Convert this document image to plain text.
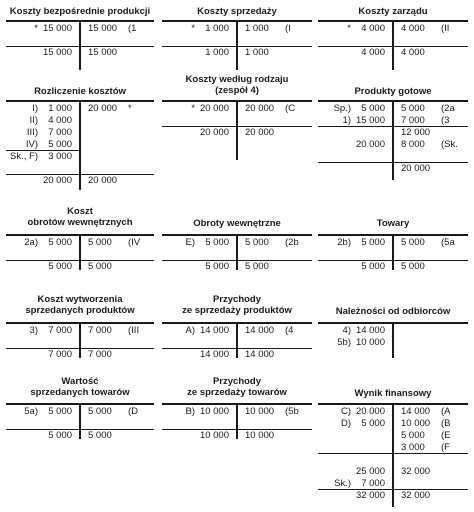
Koszty bezpośrednie produkcji
* 15 000
15 000
15 000 (1
15 000
Koszty sprzedaży
* 1 000
1 000
1 000 (I
1 000
Koszty zarządu
* 4 000
4 000
4 000 (II
4 000
Rozliczenie kosztów
I) 1 000
II) 4 000
III) 7 000
IV) 5 000
Sk., F) 3 000
20 000
20 000 *
20 000
Koszty według rodzaju
(zespół 4)
* 20 000
20 000
20 000 (C
20 000
Produkty gotowe
Sp.) 5 000
1) 15 000
20 000
5 000 (2a
7 000 (3
12 000
8 000 (Sk.
20 000
Koszt
obrotów wewnętrznych
2a) 5 000
5 000
5 000 (IV
5 000
Obroty wewnętrzne
E) 5 000
5 000
5 000 (2b
5 000
Towary
2b) 5 000
5 000
5 000 (5a
5 000
Koszt wytworzenia
sprzedanych produktów
3) 7 000
7 000
7 000 (III
7 000
Przychody
ze sprzedaży produktów
A) 14 000
14 000
14 000 (4
14 000
Należności od odbiorców
4) 14 000
5b) 10 000
Wartość
sprzedanych towarów
5a) 5 000
5 000
5 000 (D
5 000
Przychody
ze sprzedaży towarów
B) 10 000
10 000
10 000 (5b
10 000
Wynik finansowy
C) 20 000
D) 5 000
25 000
Sk.) 7 000
32 000
14 000 (A
10 000 (B
5 000 (E
3 000 (F
32 000
32 000
